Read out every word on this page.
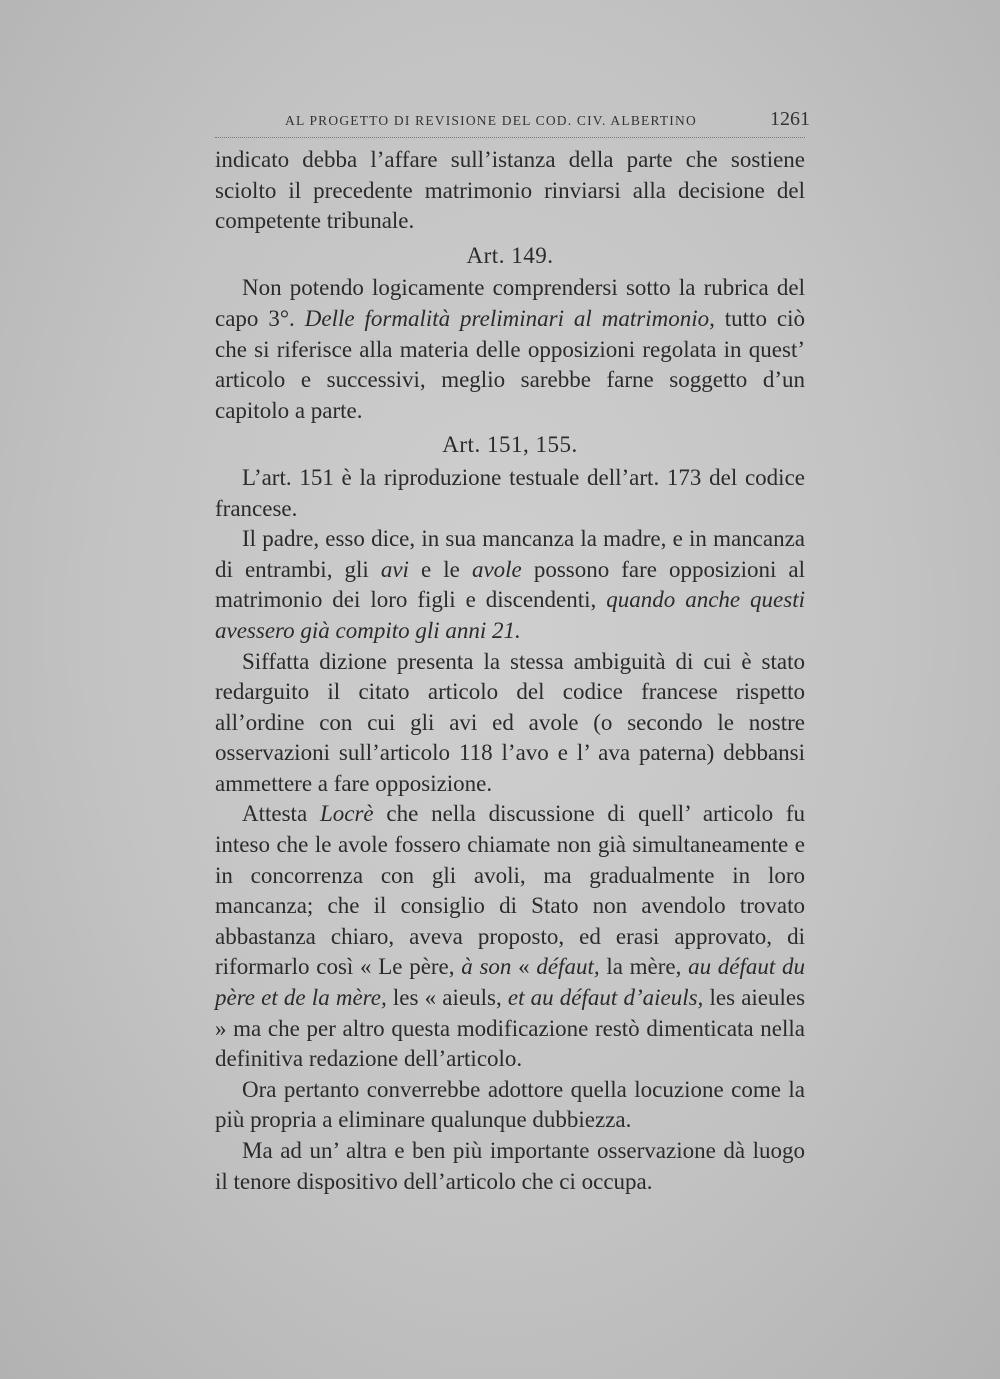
AL PROGETTO DI REVISIONE DEL COD. CIV. ALBERTINO	1261

indicato debba l’affare sull’istanza della parte che sostiene sciolto il precedente matrimonio rinviarsi alla decisione del competente tribunale.

Art. 149.

Non potendo logicamente comprendersi sotto la rubrica del capo 3°. Delle formalità preliminari al matrimonio, tutto ciò che si riferisce alla materia delle opposizioni regolata in quest’ articolo e successivi, meglio sarebbe farne soggetto d’un capitolo a parte.

Art. 151, 155.

L’art. 151 è la riproduzione testuale dell’art. 173 del codice francese.

Il padre, esso dice, in sua mancanza la madre, e in mancanza di entrambi, gli avi e le avole possono fare opposizioni al matrimonio dei loro figli e discendenti, quando anche questi avessero già compito gli anni 21.

Siffatta dizione presenta la stessa ambiguità di cui è stato redarguito il citato articolo del codice francese rispetto all’ordine con cui gli avi ed avole (o secondo le nostre osservazioni sull’articolo 118 l’avo e l’ ava paterna) debbansi ammettere a fare opposizione.

Attesta Locrè che nella discussione di quell’ articolo fu inteso che le avole fossero chiamate non già simultaneamente e in concorrenza con gli avoli, ma gradualmente in loro mancanza; che il consiglio di Stato non avendolo trovato abbastanza chiaro, aveva proposto, ed erasi approvato, di riformarlo così « Le père, à son « défaut, la mère, au défaut du père et de la mère, les « aieuls, et au défaut d’aieuls, les aieules » ma che per altro questa modificazione restò dimenticata nella definitiva redazione dell’articolo.

Ora pertanto converrebbe adottore quella locuzione come la più propria a eliminare qualunque dubbiezza.

Ma ad un’ altra e ben più importante osservazione dà luogo il tenore dispositivo dell’articolo che ci occupa.
